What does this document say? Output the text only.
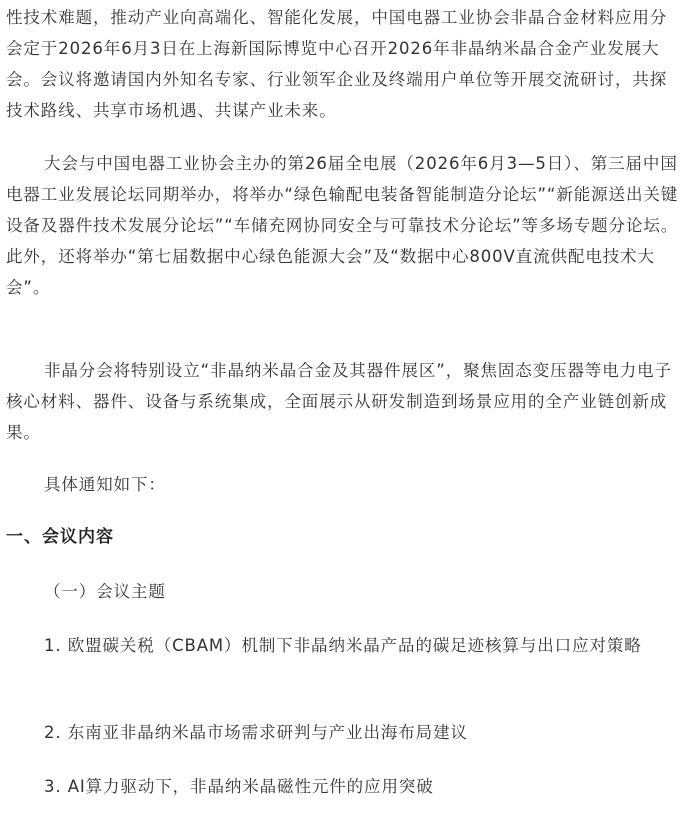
性技术难题，推动产业向高端化、智能化发展，中国电器工业协会非晶合金材料应用分会定于2026年6月3日在上海新国际博览中心召开2026年非晶纳米晶合金产业发展大会。会议将邀请国内外知名专家、行业领军企业及终端用户单位等开展交流研讨，共探技术路线、共享市场机遇、共谋产业未来。

大会与中国电器工业协会主办的第26届全电展（2026年6月3—5日）、第三届中国电器工业发展论坛同期举办，将举办“绿色输配电装备智能制造分论坛”“新能源送出关键设备及器件技术发展分论坛”“车储充网协同安全与可靠技术分论坛”等多场专题分论坛。此外，还将举办“第七届数据中心绿色能源大会”及“数据中心800V直流供配电技术大会”。

非晶分会将特别设立“非晶纳米晶合金及其器件展区”，聚焦固态变压器等电力电子核心材料、器件、设备与系统集成，全面展示从研发制造到场景应用的全产业链创新成果。

具体通知如下：

一、会议内容

（一）会议主题

1. 欧盟碳关税（CBAM）机制下非晶纳米晶产品的碳足迹核算与出口应对策略

2. 东南亚非晶纳米晶市场需求研判与产业出海布局建议

3. AI算力驱动下，非晶纳米晶磁性元件的应用突破
